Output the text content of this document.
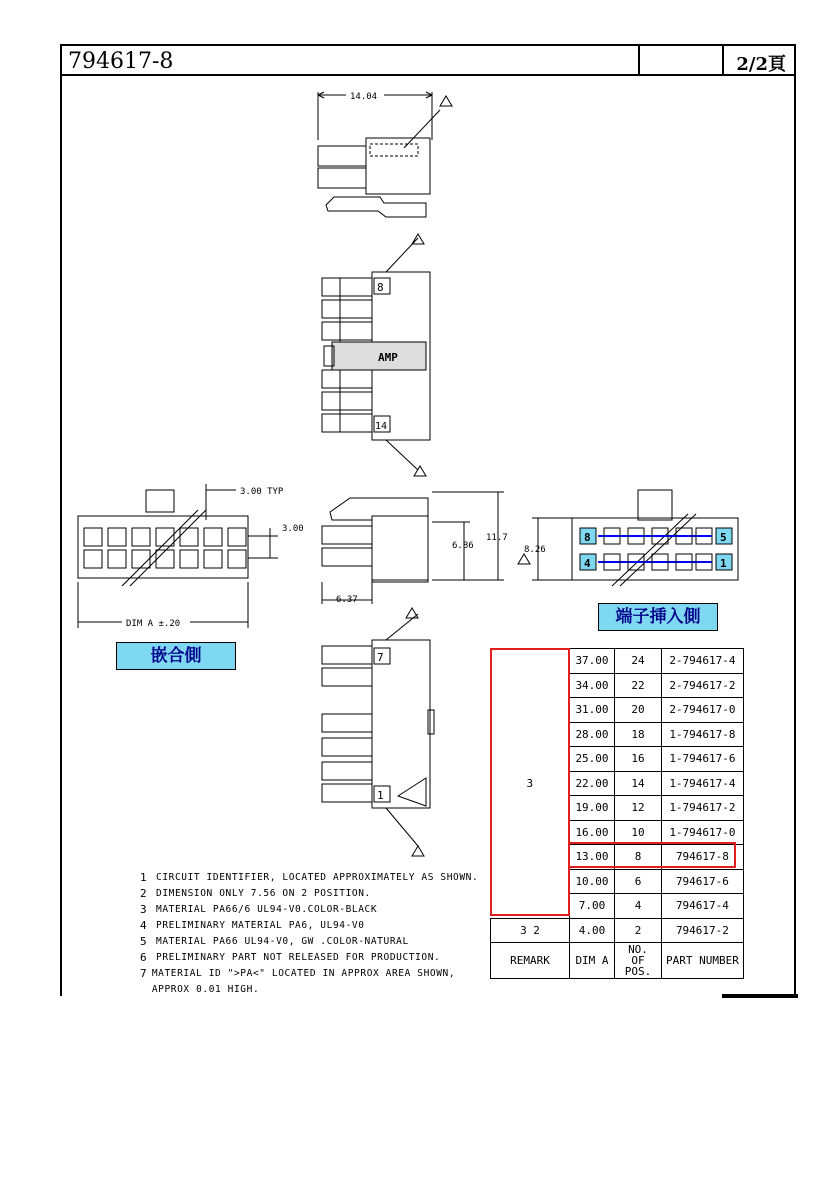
794617-8	2/2頁
14.04
3.00 TYP
3.00
DIM A ±.20
6.86
11.7
8.26
6.37
AMP
8
14
7
1
8	5
4	1
嵌合側
端子挿入側
3	37.00	24	2-794617-4
	34.00	22	2-794617-2
	31.00	20	2-794617-0
	28.00	18	1-794617-8
	25.00	16	1-794617-6
	22.00	14	1-794617-4
	19.00	12	1-794617-2
	16.00	10	1-794617-0
	13.00	8	794617-8
	10.00	6	794617-6
	7.00	4	794617-4
3 2	4.00	2	794617-2
REMARK	DIM A	NO. OF POS.	PART NUMBER
1 CIRCUIT IDENTIFIER, LOCATED APPROXIMATELY AS SHOWN.
2 DIMENSION ONLY 7.56 ON 2 POSITION.
3 MATERIAL PA66/6 UL94-V0.COLOR-BLACK
4 PRELIMINARY MATERIAL PA6, UL94-V0
5 MATERIAL PA66 UL94-V0, GW .COLOR-NATURAL
6 PRELIMINARY PART NOT RELEASED FOR PRODUCTION.
7 MATERIAL ID ">PA<" LOCATED IN APPROX AREA SHOWN, APPROX 0.01 HIGH.
